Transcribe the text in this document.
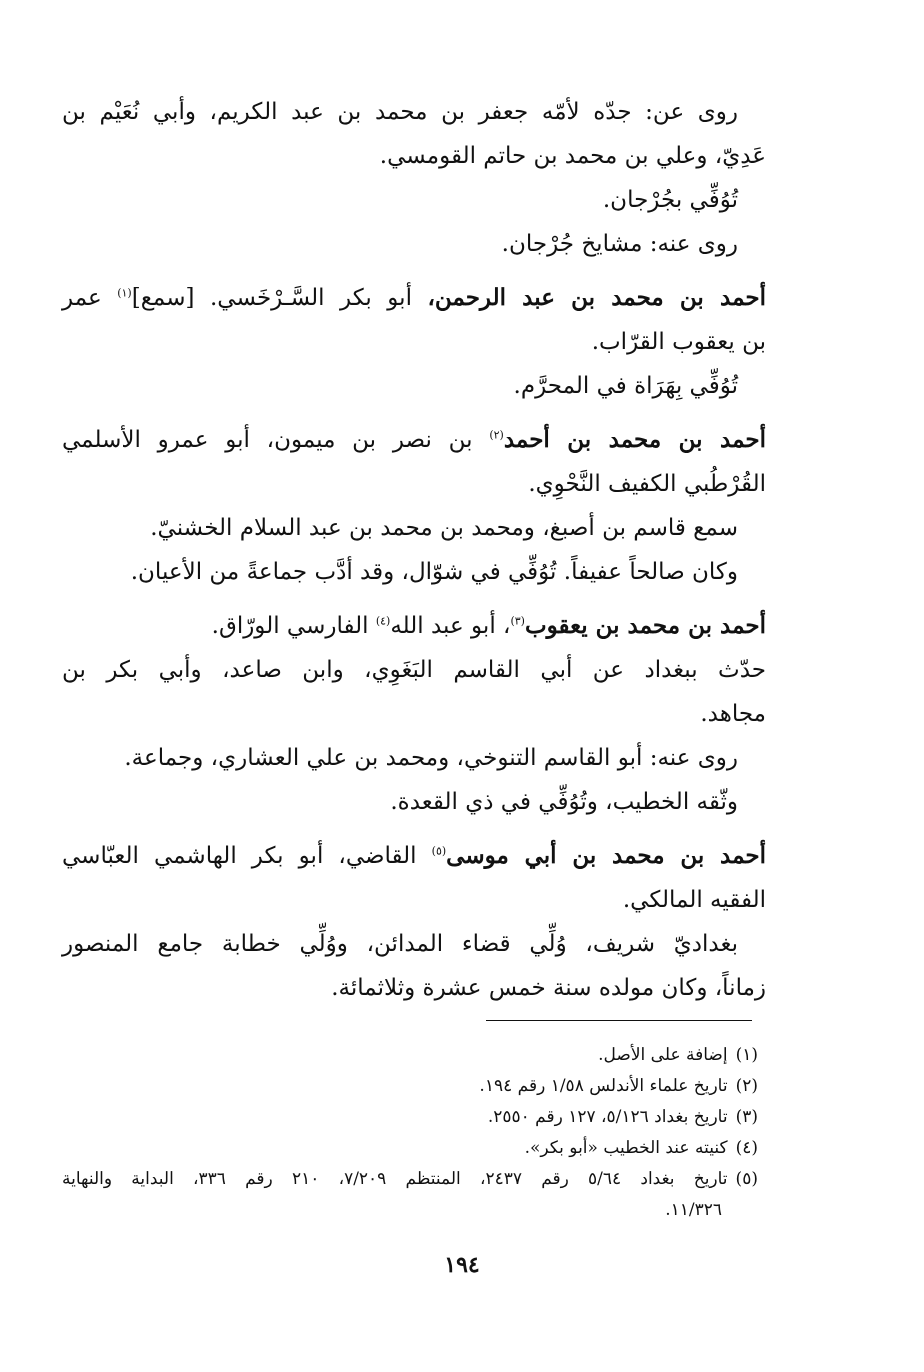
روى عن: جدّه لأمّه جعفر بن محمد بن عبد الكريم، وأبي نُعَيْم بن
عَدِيّ، وعلي بن محمد بن حاتم القومسي.
تُوُفِّي بجُرْجان.
روى عنه: مشايخ جُرْجان.
أحمد بن محمد بن عبد الرحمن، أبو بكر السَّـرْخَسي. [سمع]$^{(١)}$ عمر
بن يعقوب القرّاب.
تُوُفِّي بِهَرَاة في المحرَّم.
أحمد بن محمد بن أحمد$^{(٢)}$ بن نصر بن ميمون، أبو عمرو الأسلمي
القُرْطُبي الكفيف النَّحْوِي.
سمع قاسم بن أصبغ، ومحمد بن محمد بن عبد السلام الخشنيّ.
وكان صالحاً عفيفاً. تُوُفِّي في شوّال، وقد أدَّب جماعةً من الأعيان.
أحمد بن محمد بن يعقوب$^{(٣)}$، أبو عبد الله$^{(٤)}$ الفارسي الورّاق.
حدّث ببغداد عن أبي القاسم البَغَوِي، وابن صاعد، وأبي بكر بن
مجاهد.
روى عنه: أبو القاسم التنوخي، ومحمد بن علي العشاري، وجماعة.
وثّقه الخطيب، وتُوُفِّي في ذي القعدة.
أحمد بن محمد بن أبي موسى$^{(٥)}$ القاضي، أبو بكر الهاشمي العبّاسي
الفقيه المالكي.
بغداديّ شريف، وُلِّي قضاء المدائن، ووُلِّي خطابة جامع المنصور
زماناً، وكان مولده سنة خمس عشرة وثلاثمائة.
(١)إضافة على الأصل.
(٢)تاريخ علماء الأندلس ١/٥٨ رقم ١٩٤.
(٣)تاريخ بغداد ٥/١٢٦، ١٢٧ رقم ٢٥٥٠.
(٤)كنيته عند الخطيب «أبو بكر».
(٥)تاريخ بغداد ٥/٦٤ رقم ٢٤٣٧، المنتظم ٧/٢٠٩، ٢١٠ رقم ٣٣٦، البداية والنهاية
١١/٣٢٦.
١٩٤
